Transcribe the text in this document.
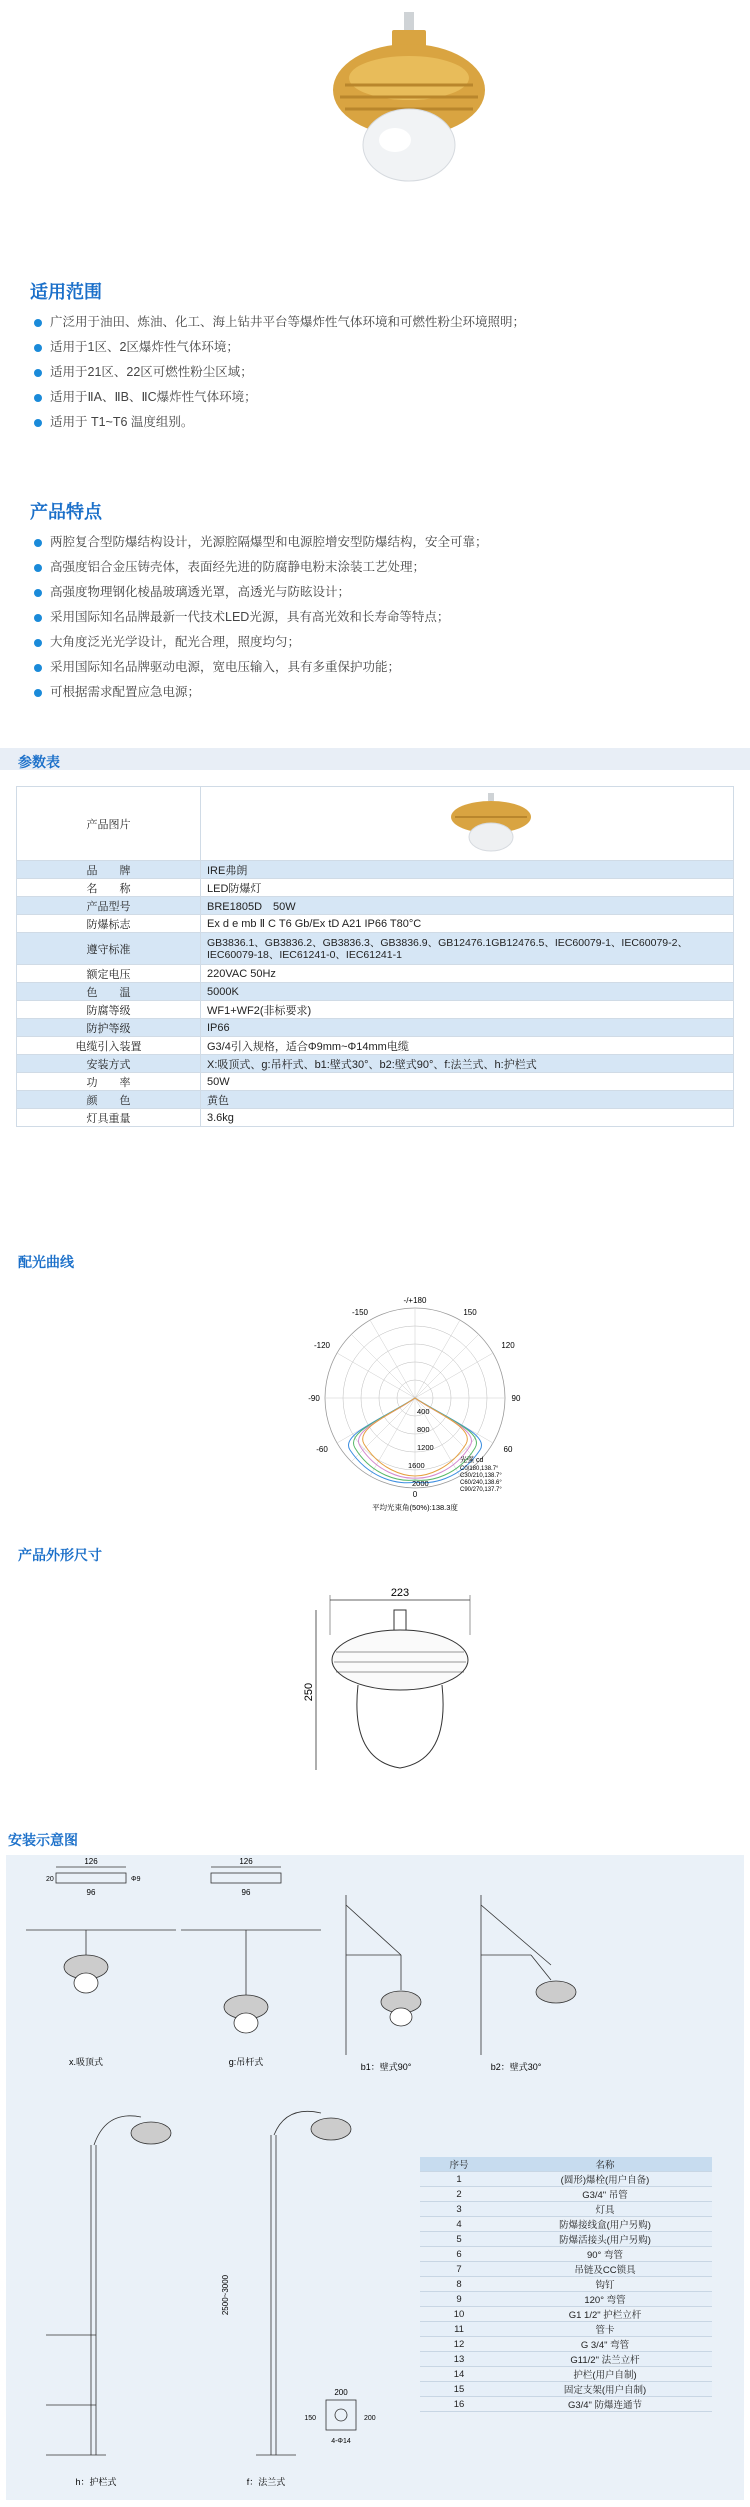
适用范围
广泛用于油田、炼油、化工、海上钻井平台等爆炸性气体环境和可燃性粉尘环境照明；
适用于1区、2区爆炸性气体环境；
适用于21区、22区可燃性粉尘区域；
适用于ⅡA、ⅡB、ⅡC爆炸性气体环境；
适用于 T1~T6 温度组别。
产品特点
两腔复合型防爆结构设计，光源腔隔爆型和电源腔增安型防爆结构，安全可靠；
高强度铝合金压铸壳体，表面经先进的防腐静电粉末涂装工艺处理；
高强度物理钢化棱晶玻璃透光罩，高透光与防眩设计；
采用国际知名品牌最新一代技术LED光源，具有高光效和长寿命等特点；
大角度泛光光学设计，配光合理，照度均匀；
采用国际知名品牌驱动电源，宽电压输入，具有多重保护功能；
可根据需求配置应急电源；
参数表
产品图片	
品　　牌	IRE弗朗
名　　称	LED防爆灯
产品型号	BRE1805D　50W
防爆标志	Ex d e mb Ⅱ C T6 Gb/Ex tD A21 IP66 T80°C
遵守标准	GB3836.1、GB3836.2、GB3836.3、GB3836.9、GB12476.1GB12476.5、IEC60079-1、IEC60079-2、IEC60079-18、IEC61241-0、IEC61241-1
额定电压	220VAC 50Hz
色　　温	5000K
防腐等级	WF1+WF2(非标要求)
防护等级	IP66
电缆引入装置	G3/4引入规格，适合Φ9mm~Φ14mm电缆
安装方式	X:吸顶式、g:吊杆式、b1:壁式30°、b2:壁式90°、f:法兰式、h:护栏式
功　　率	50W
颜　　色	黄色
灯具重量	3.6kg
配光曲线
-/+180
-150	150
-120	120
-90	90
-60	60
0
400
800
1200
1600
2000
光强 cd
C0/180,138.7°
C30/210,138.7°
C60/240,138.6°
C90/270,137.7°
平均光束角(50%):138.3度
产品外形尺寸
223
250
安装示意图
126
96
20	Φ9
126
96
x.吸顶式	g:吊杆式	b1：壁式90°	b2：壁式30°
h：护栏式	f：法兰式
2500~3000
200
150	200
4-Φ14
序号	名称
1	(圆形)爆栓(用户自备)
2	G3/4" 吊管
3	灯具
4	防爆接线盒(用户另购)
5	防爆活接头(用户另购)
6	90° 弯管
7	吊链及CC锁具
8	钩钉
9	120° 弯管
10	G1 1/2" 护栏立杆
11	管卡
12	G 3/4" 弯管
13	G11/2" 法兰立杆
14	护栏(用户自制)
15	固定支架(用户自制)
16	G3/4" 防爆连通节
